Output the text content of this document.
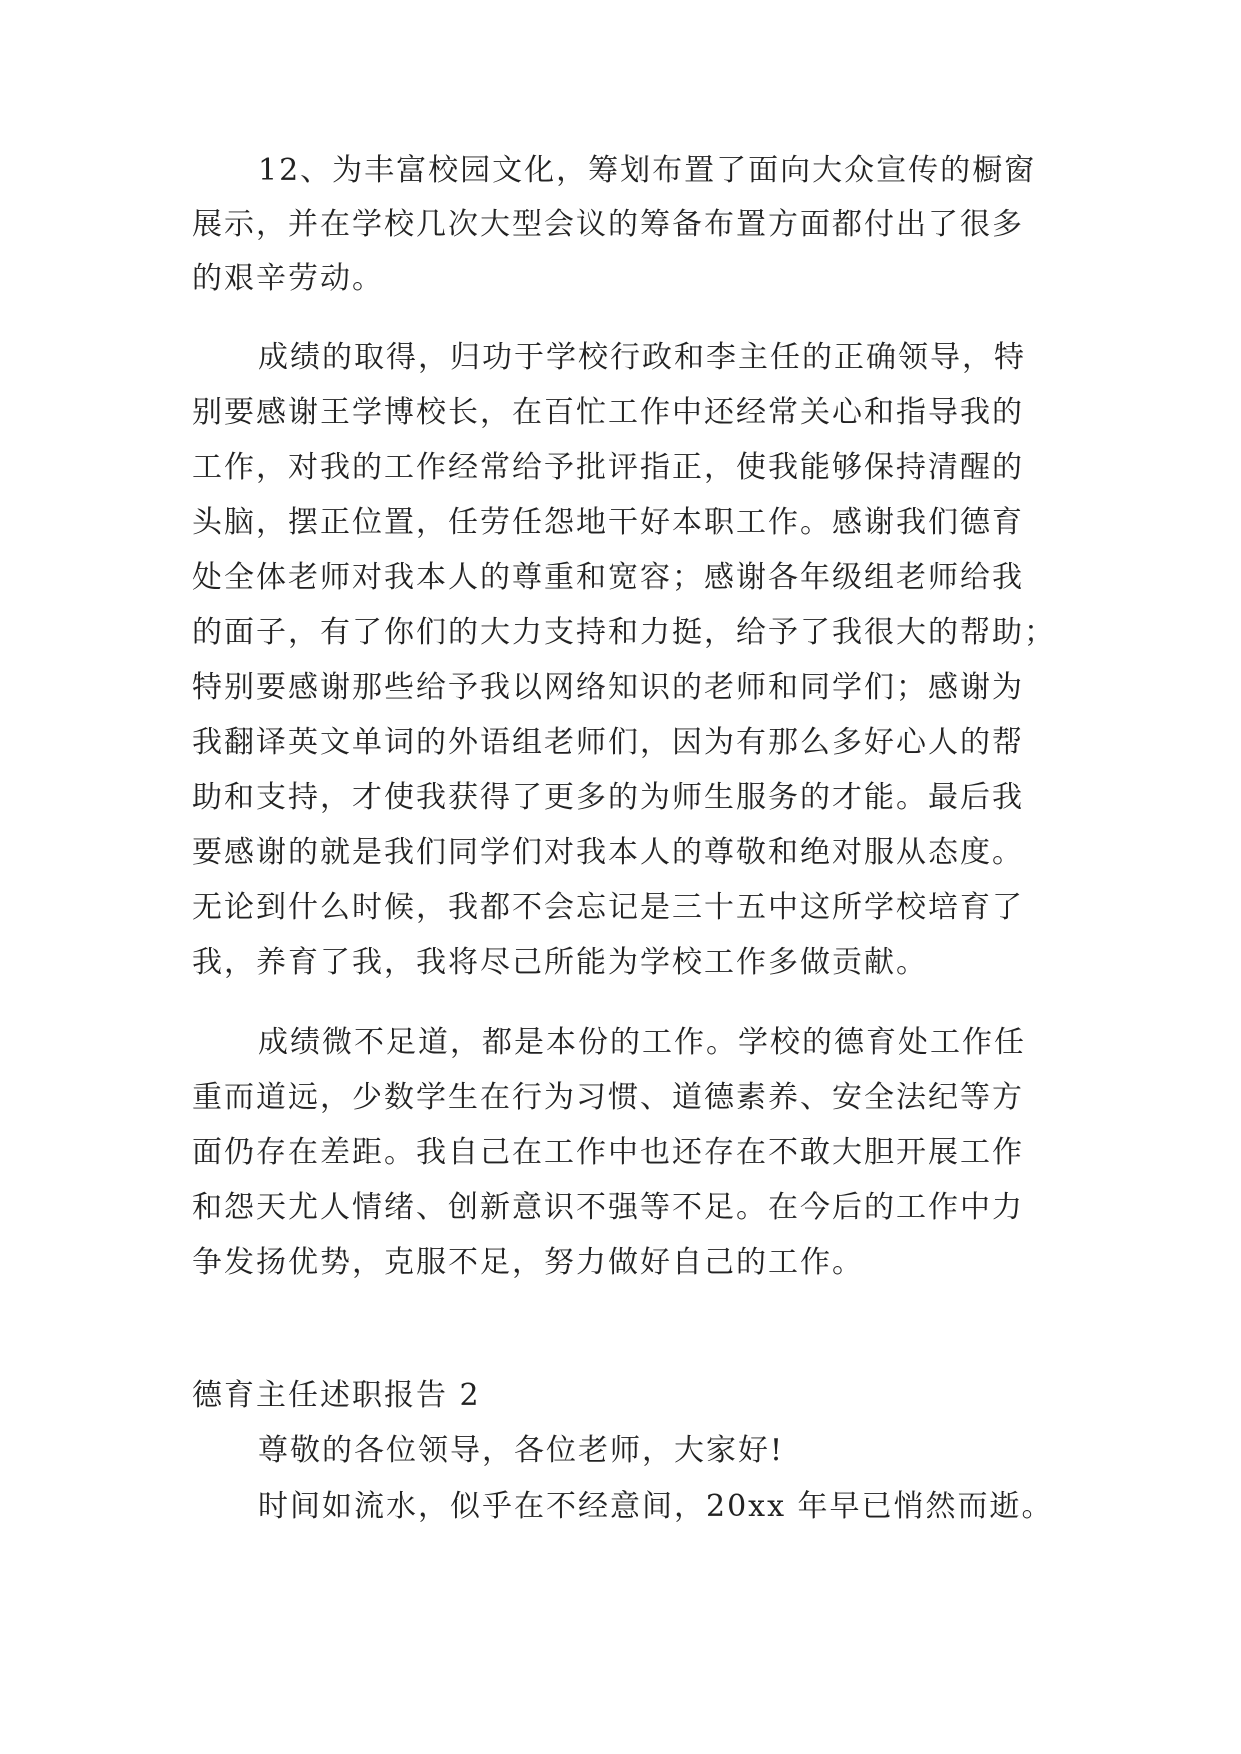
12、为丰富校园文化，筹划布置了面向大众宣传的橱窗
展示，并在学校几次大型会议的筹备布置方面都付出了很多
的艰辛劳动。
成绩的取得，归功于学校行政和李主任的正确领导，特
别要感谢王学博校长，在百忙工作中还经常关心和指导我的
工作，对我的工作经常给予批评指正，使我能够保持清醒的
头脑，摆正位置，任劳任怨地干好本职工作。感谢我们德育
处全体老师对我本人的尊重和宽容；感谢各年级组老师给我
的面子，有了你们的大力支持和力挺，给予了我很大的帮助；
特别要感谢那些给予我以网络知识的老师和同学们；感谢为
我翻译英文单词的外语组老师们，因为有那么多好心人的帮
助和支持，才使我获得了更多的为师生服务的才能。最后我
要感谢的就是我们同学们对我本人的尊敬和绝对服从态度。
无论到什么时候，我都不会忘记是三十五中这所学校培育了
我，养育了我，我将尽己所能为学校工作多做贡献。
成绩微不足道，都是本份的工作。学校的德育处工作任
重而道远，少数学生在行为习惯、道德素养、安全法纪等方
面仍存在差距。我自己在工作中也还存在不敢大胆开展工作
和怨天尤人情绪、创新意识不强等不足。在今后的工作中力
争发扬优势，克服不足，努力做好自己的工作。
德育主任述职报告 2
尊敬的各位领导，各位老师，大家好!
时间如流水，似乎在不经意间，20xx 年早已悄然而逝。
